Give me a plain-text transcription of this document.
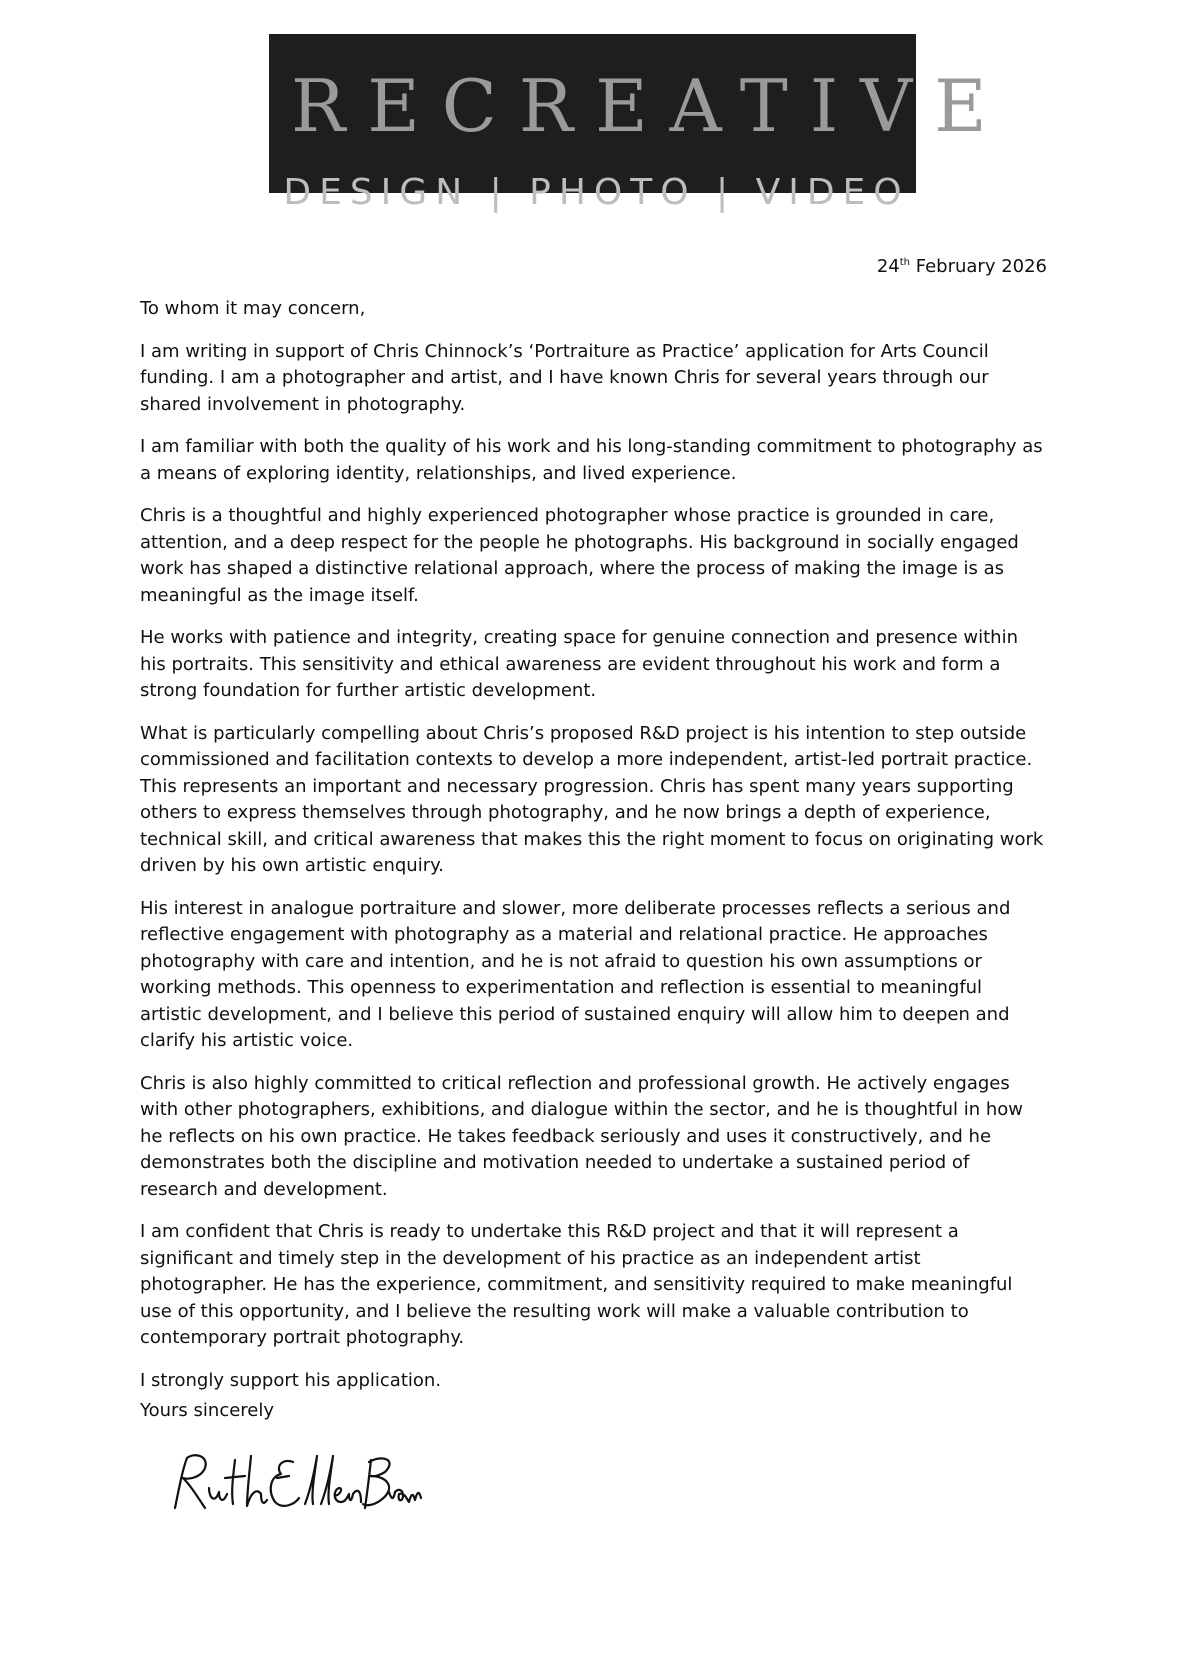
RECREATIVE
DESIGN | PHOTO | VIDEO
24th February 2026

To whom it may concern,

I am writing in support of Chris Chinnock’s ‘Portraiture as Practice’ application for Arts Council funding. I am a photographer and artist, and I have known Chris for several years through our shared involvement in photography.

I am familiar with both the quality of his work and his long-standing commitment to photography as a means of exploring identity, relationships, and lived experience.

Chris is a thoughtful and highly experienced photographer whose practice is grounded in care, attention, and a deep respect for the people he photographs. His background in socially engaged work has shaped a distinctive relational approach, where the process of making the image is as meaningful as the image itself.

He works with patience and integrity, creating space for genuine connection and presence within his portraits. This sensitivity and ethical awareness are evident throughout his work and form a strong foundation for further artistic development.

What is particularly compelling about Chris’s proposed R&D project is his intention to step outside commissioned and facilitation contexts to develop a more independent, artist-led portrait practice. This represents an important and necessary progression. Chris has spent many years supporting others to express themselves through photography, and he now brings a depth of experience, technical skill, and critical awareness that makes this the right moment to focus on originating work driven by his own artistic enquiry.

His interest in analogue portraiture and slower, more deliberate processes reflects a serious and reflective engagement with photography as a material and relational practice. He approaches photography with care and intention, and he is not afraid to question his own assumptions or working methods. This openness to experimentation and reflection is essential to meaningful artistic development, and I believe this period of sustained enquiry will allow him to deepen and clarify his artistic voice.

Chris is also highly committed to critical reflection and professional growth. He actively engages with other photographers, exhibitions, and dialogue within the sector, and he is thoughtful in how he reflects on his own practice. He takes feedback seriously and uses it constructively, and he demonstrates both the discipline and motivation needed to undertake a sustained period of research and development.

I am confident that Chris is ready to undertake this R&D project and that it will represent a significant and timely step in the development of his practice as an independent artist photographer. He has the experience, commitment, and sensitivity required to make meaningful use of this opportunity, and I believe the resulting work will make a valuable contribution to contemporary portrait photography.

I strongly support his application.

Yours sincerely
Ruth Ellen Brown
